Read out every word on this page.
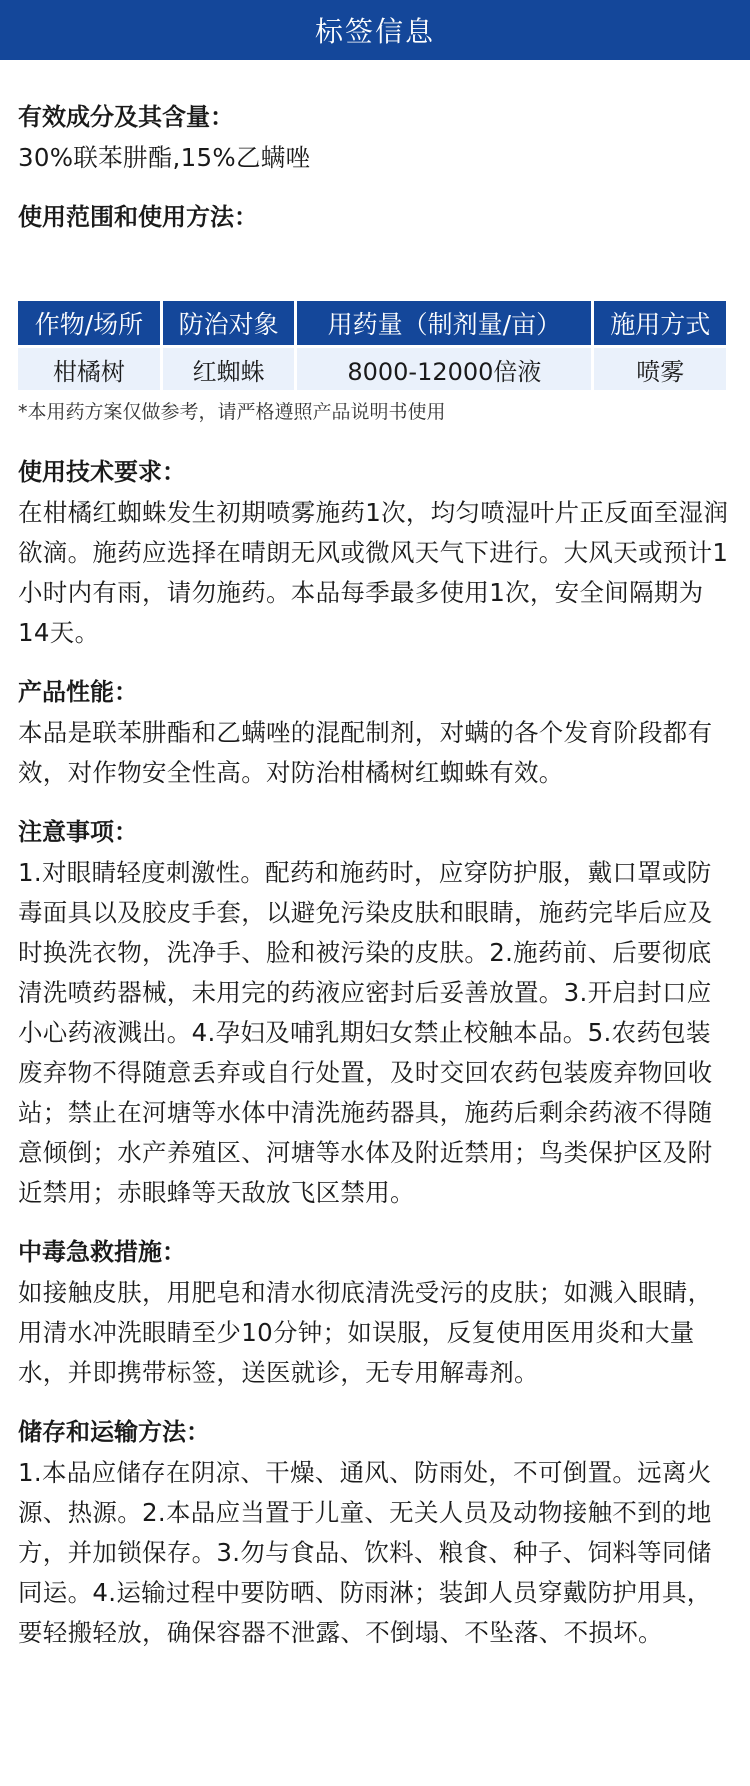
标签信息

有效成分及其含量：

30%联苯肼酯,15%乙螨唑

使用范围和使用方法：

作物/场所	防治对象	用药量（制剂量/亩）	施用方式
柑橘树	红蜘蛛	8000-12000倍液	喷雾

*本用药方案仅做参考，请严格遵照产品说明书使用

使用技术要求：

在柑橘红蜘蛛发生初期喷雾施药1次，均匀喷湿叶片正反面至湿润欲滴。施药应选择在晴朗无风或微风天气下进行。大风天或预计1小时内有雨，请勿施药。本品每季最多使用1次，安全间隔期为14天。

产品性能：

本品是联苯肼酯和乙螨唑的混配制剂，对螨的各个发育阶段都有效，对作物安全性高。对防治柑橘树红蜘蛛有效。

注意事项：

1.对眼睛轻度刺激性。配药和施药时，应穿防护服，戴口罩或防毒面具以及胶皮手套，以避免污染皮肤和眼睛，施药完毕后应及时换洗衣物，洗净手、脸和被污染的皮肤。2.施药前、后要彻底清洗喷药器械，未用完的药液应密封后妥善放置。3.开启封口应小心药液溅出。4.孕妇及哺乳期妇女禁止校触本品。5.农药包装废弃物不得随意丢弃或自行处置，及时交回农药包装废弃物回收站；禁止在河塘等水体中清洗施药器具，施药后剩余药液不得随意倾倒；水产养殖区、河塘等水体及附近禁用；鸟类保护区及附近禁用；赤眼蜂等天敌放飞区禁用。

中毒急救措施：

如接触皮肤，用肥皂和清水彻底清洗受污的皮肤；如溅入眼睛，用清水冲洗眼睛至少10分钟；如误服，反复使用医用炎和大量水，并即携带标签，送医就诊，无专用解毒剂。

储存和运输方法：

1.本品应储存在阴凉、干燥、通风、防雨处，不可倒置。远离火源、热源。2.本品应当置于儿童、无关人员及动物接触不到的地方，并加锁保存。3.勿与食品、饮料、粮食、种子、饲料等同储同运。4.运输过程中要防晒、防雨淋；装卸人员穿戴防护用具，要轻搬轻放，确保容器不泄露、不倒塌、不坠落、不损坏。
